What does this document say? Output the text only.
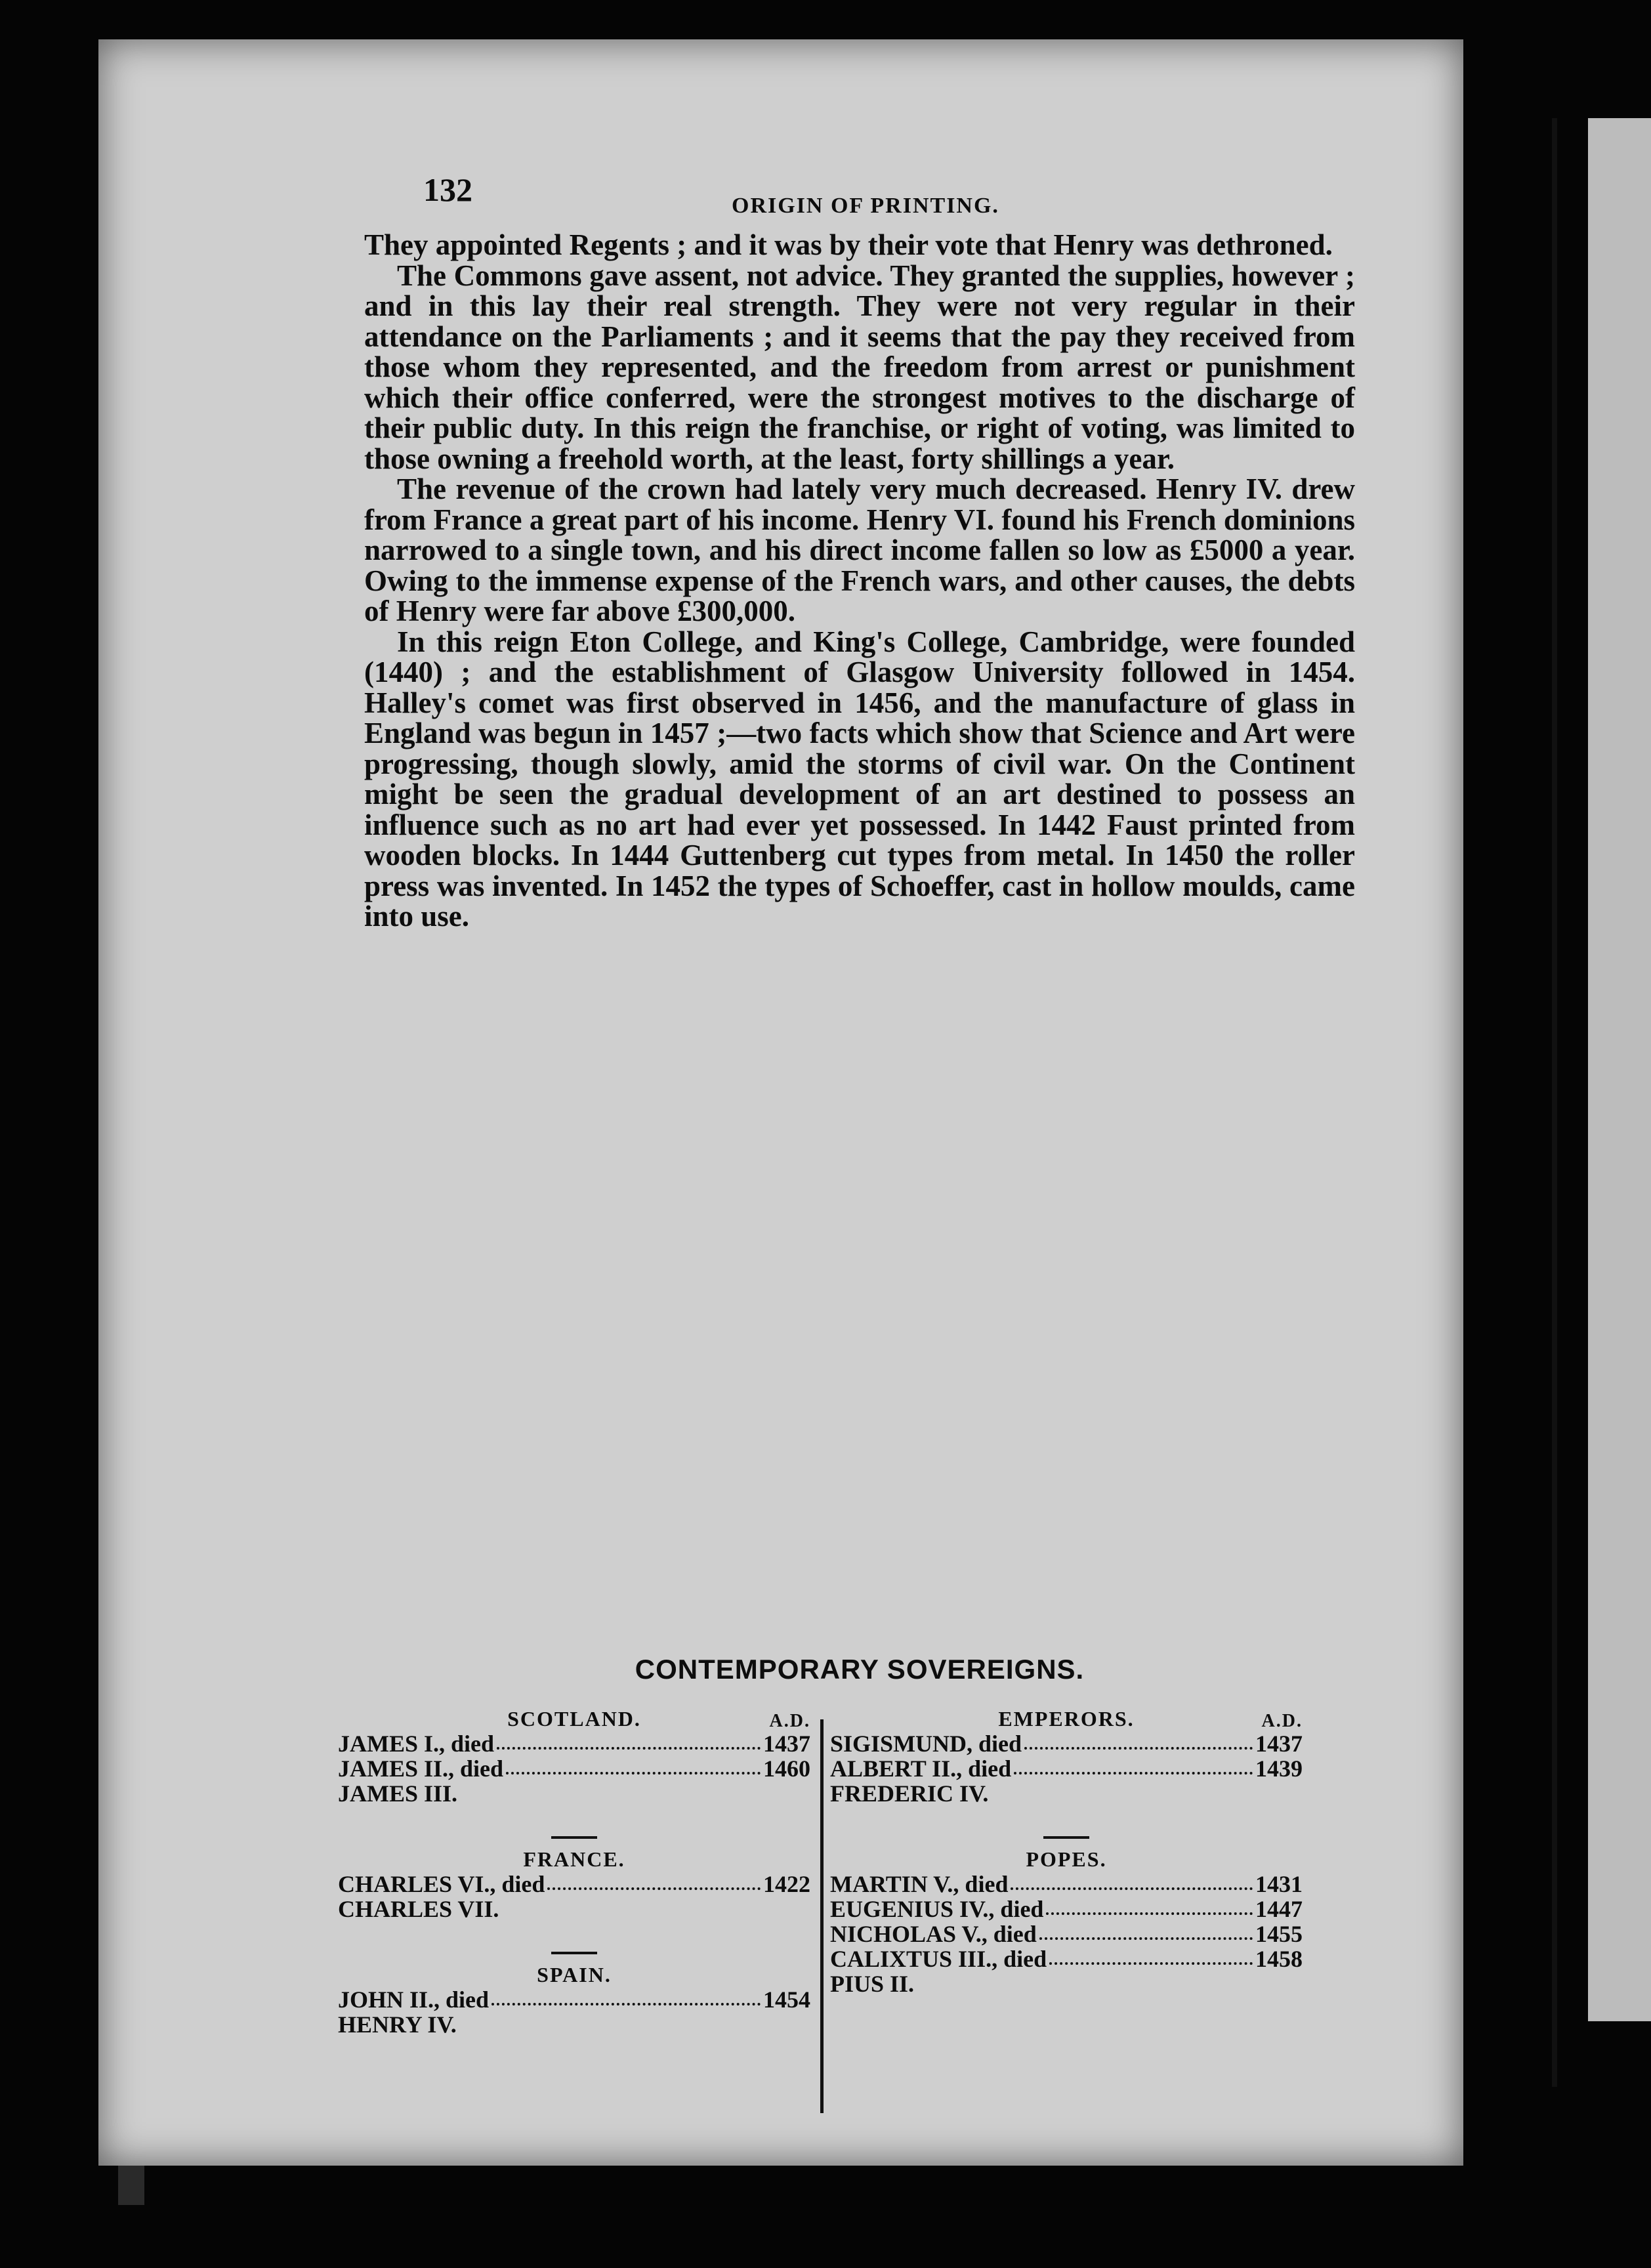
132	ORIGIN OF PRINTING.

They appointed Regents ; and it was by their vote that Henry was dethroned.

The Commons gave assent, not advice. They granted the supplies, however ; and in this lay their real strength. They were not very regular in their attendance on the Parliaments ; and it seems that the pay they received from those whom they represented, and the freedom from arrest or punishment which their office conferred, were the strongest motives to the discharge of their public duty. In this reign the franchise, or right of voting, was limited to those owning a freehold worth, at the least, forty shillings a year.

The revenue of the crown had lately very much decreased. Henry IV. drew from France a great part of his income. Henry VI. found his French dominions narrowed to a single town, and his direct income fallen so low as £5000 a year. Owing to the immense expense of the French wars, and other causes, the debts of Henry were far above £300,000.

In this reign Eton College, and King's College, Cambridge, were founded (1440) ; and the establishment of Glasgow University followed in 1454. Halley's comet was first observed in 1456, and the manufacture of glass in England was begun in 1457 ;—two facts which show that Science and Art were progressing, though slowly, amid the storms of civil war. On the Continent might be seen the gradual development of an art destined to possess an influence such as no art had ever yet possessed. In 1442 Faust printed from wooden blocks. In 1444 Guttenberg cut types from metal. In 1450 the roller press was invented. In 1452 the types of Schoeffer, cast in hollow moulds, came into use.

CONTEMPORARY SOVEREIGNS.
SCOTLAND.	A.D.
JAMES I., died	1437
JAMES II., died	1460
JAMES III.
FRANCE.
CHARLES VI., died	1422
CHARLES VII.
SPAIN.
JOHN II., died	1454
HENRY IV.
EMPERORS.	A.D.
SIGISMUND, died	1437
ALBERT II., died	1439
FREDERIC IV.
POPES.
MARTIN V., died	1431
EUGENIUS IV., died	1447
NICHOLAS V., died	1455
CALIXTUS III., died	1458
PIUS II.
